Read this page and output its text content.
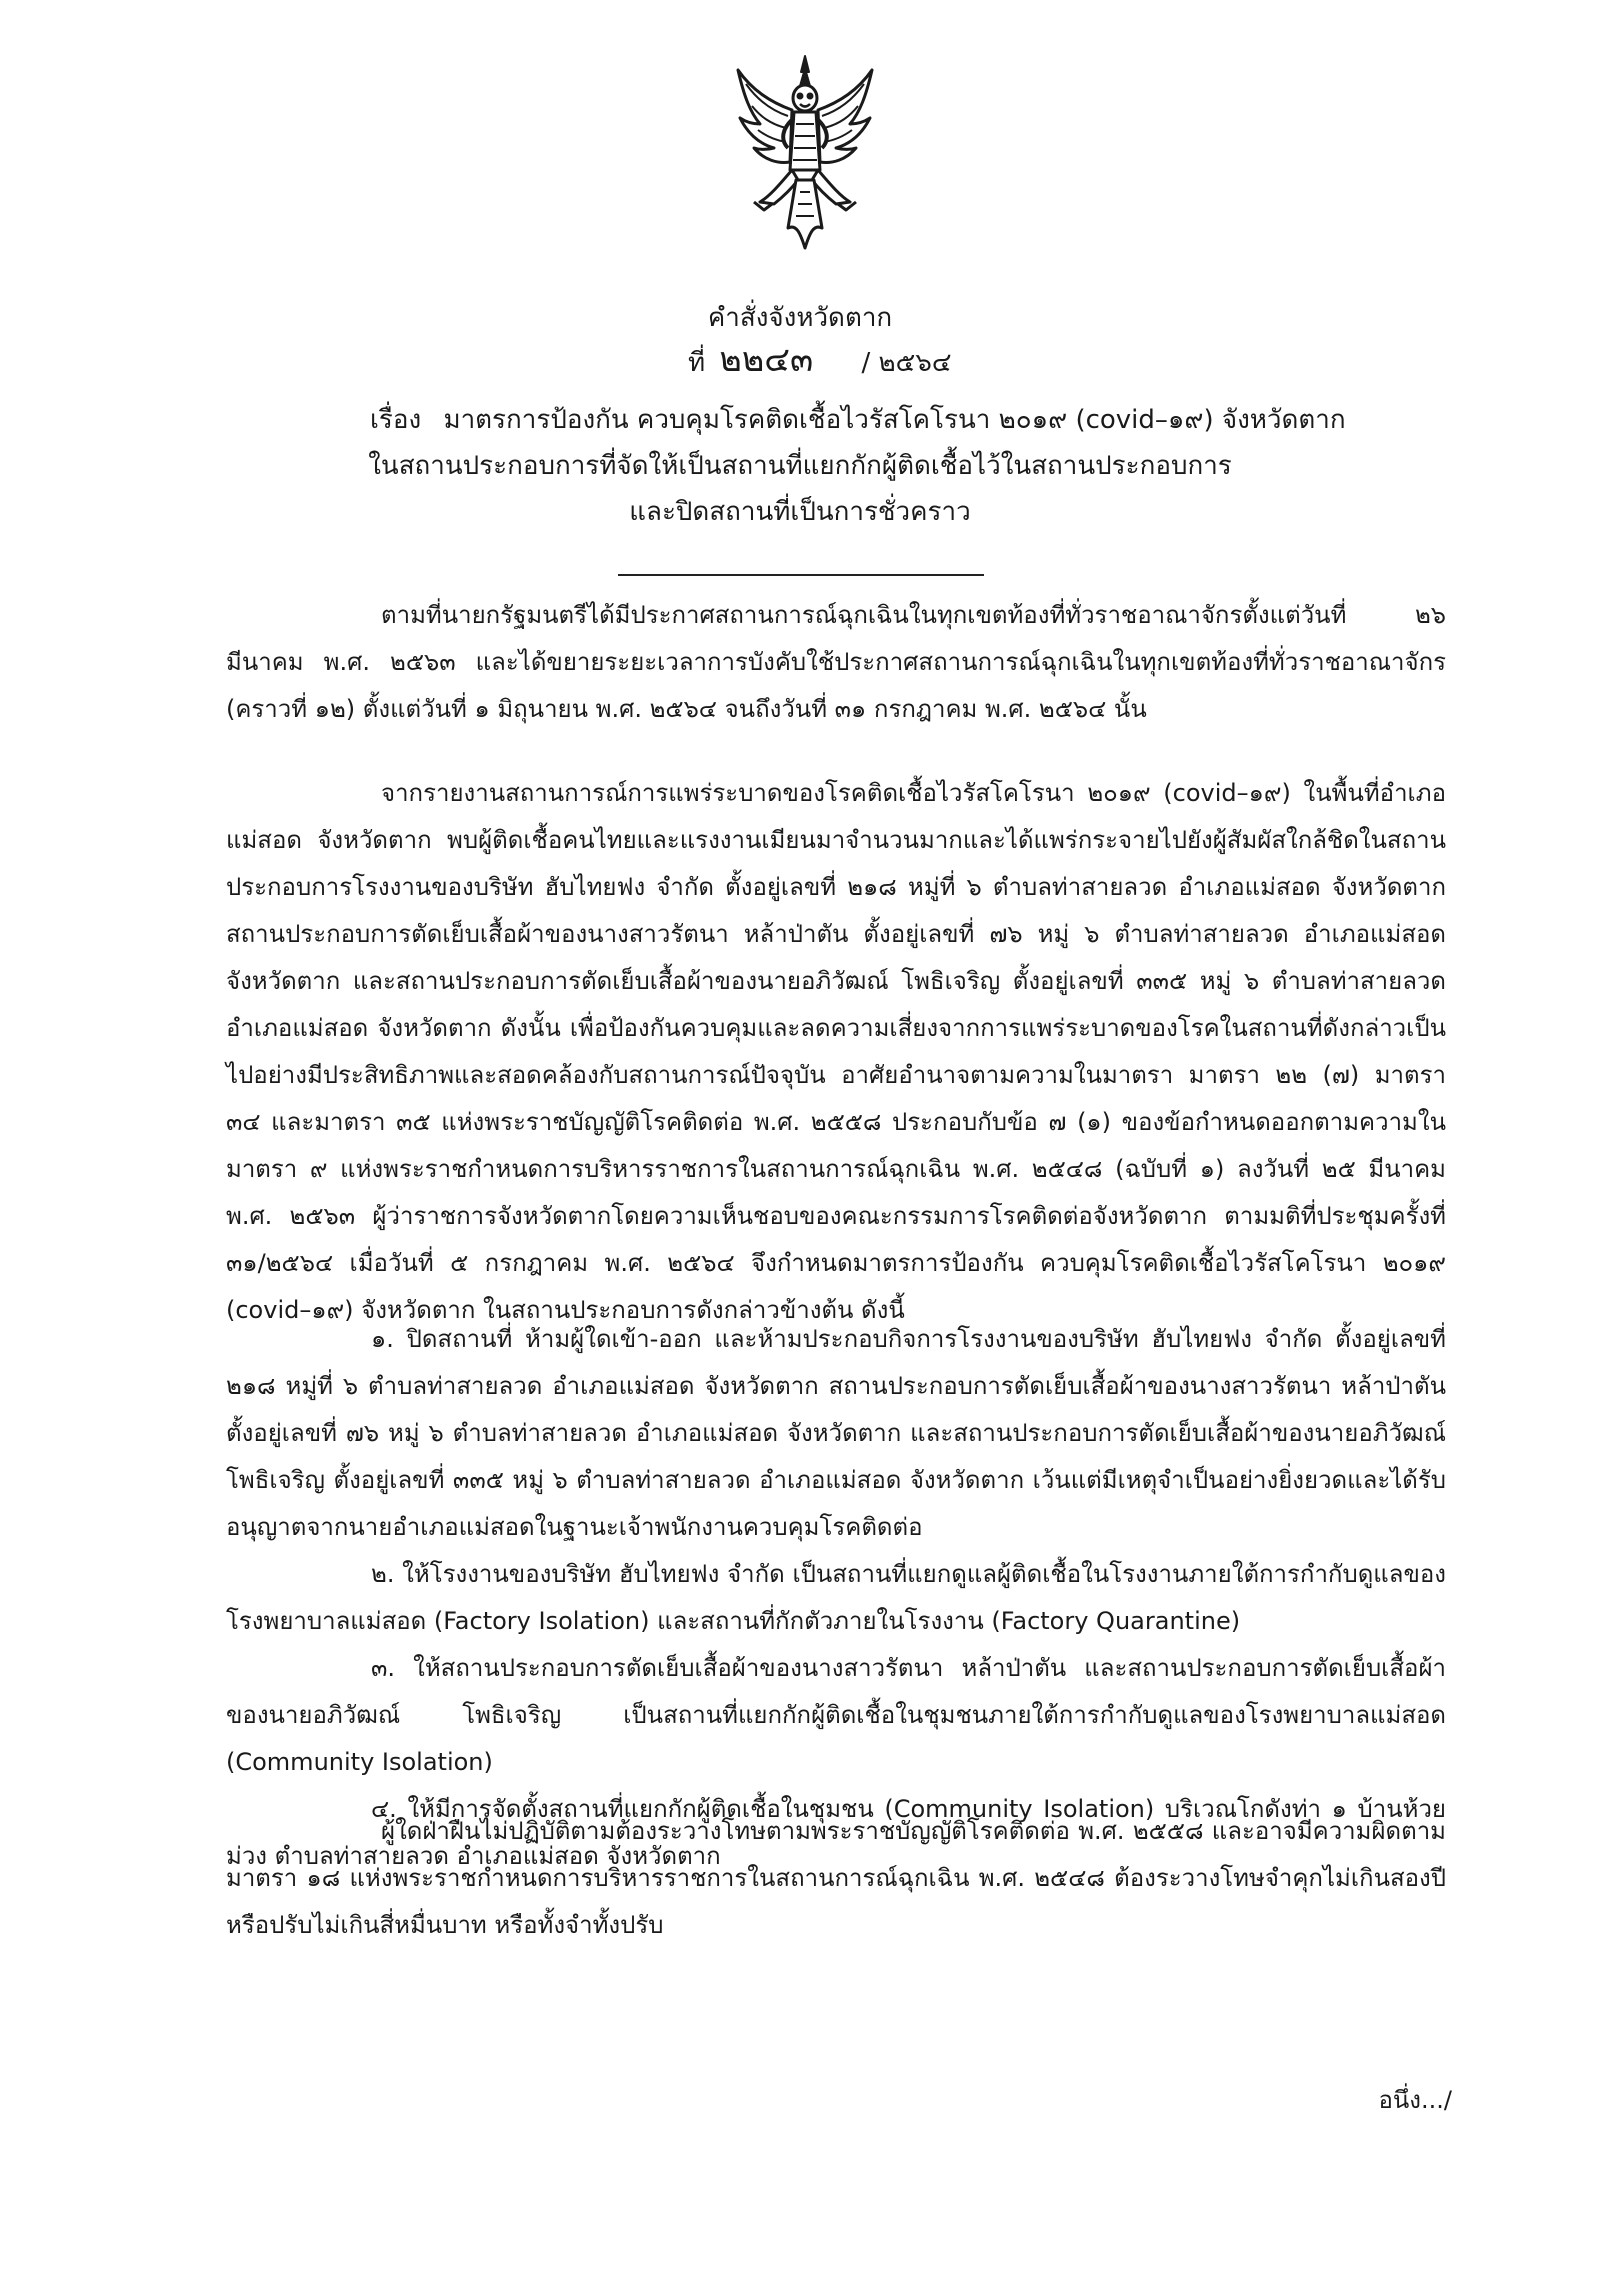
คำสั่งจังหวัดตาก
ที่ ๒๒๔๓ / ๒๕๖๔
เรื่อง มาตรการป้องกัน ควบคุมโรคติดเชื้อไวรัสโคโรนา ๒๐๑๙ (covid–๑๙) จังหวัดตาก
ในสถานประกอบการที่จัดให้เป็นสถานที่แยกกักผู้ติดเชื้อไว้ในสถานประกอบการ
และปิดสถานที่เป็นการชั่วคราว

ตามที่นายกรัฐมนตรีได้มีประกาศสถานการณ์ฉุกเฉินในทุกเขตท้องที่ทั่วราชอาณาจักรตั้งแต่วันที่ ๒๖ มีนาคม พ.ศ. ๒๕๖๓ และได้ขยายระยะเวลาการบังคับใช้ประกาศสถานการณ์ฉุกเฉินในทุกเขตท้องที่ทั่วราชอาณาจักร (คราวที่ ๑๒) ตั้งแต่วันที่ ๑ มิถุนายน พ.ศ. ๒๕๖๔ จนถึงวันที่ ๓๑ กรกฎาคม พ.ศ. ๒๕๖๔ นั้น

จากรายงานสถานการณ์การแพร่ระบาดของโรคติดเชื้อไวรัสโคโรนา ๒๐๑๙ (covid–๑๙) ในพื้นที่อำเภอแม่สอด จังหวัดตาก พบผู้ติดเชื้อคนไทยและแรงงานเมียนมาจำนวนมากและได้แพร่กระจายไปยังผู้สัมผัสใกล้ชิดในสถานประกอบการโรงงานของบริษัท ฮับไทยฟง จำกัด ตั้งอยู่เลขที่ ๒๑๘ หมู่ที่ ๖ ตำบลท่าสายลวด อำเภอแม่สอด จังหวัดตาก สถานประกอบการตัดเย็บเสื้อผ้าของนางสาวรัตนา หล้าป่าตัน ตั้งอยู่เลขที่ ๗๖ หมู่ ๖ ตำบลท่าสายลวด อำเภอแม่สอด จังหวัดตาก และสถานประกอบการตัดเย็บเสื้อผ้าของนายอภิวัฒณ์ โพธิเจริญ ตั้งอยู่เลขที่ ๓๓๕ หมู่ ๖ ตำบลท่าสายลวด อำเภอแม่สอด จังหวัดตาก ดังนั้น เพื่อป้องกันควบคุมและลดความเสี่ยงจากการแพร่ระบาดของโรคในสถานที่ดังกล่าวเป็นไปอย่างมีประสิทธิภาพและสอดคล้องกับสถานการณ์ปัจจุบัน อาศัยอำนาจตามความในมาตรา มาตรา ๒๒ (๗) มาตรา ๓๔ และมาตรา ๓๕ แห่งพระราชบัญญัติโรคติดต่อ พ.ศ. ๒๕๕๘ ประกอบกับข้อ ๗ (๑) ของข้อกำหนดออกตามความในมาตรา ๙ แห่งพระราชกำหนดการบริหารราชการในสถานการณ์ฉุกเฉิน พ.ศ. ๒๕๔๘ (ฉบับที่ ๑) ลงวันที่ ๒๕ มีนาคม พ.ศ. ๒๕๖๓ ผู้ว่าราชการจังหวัดตากโดยความเห็นชอบของคณะกรรมการโรคติดต่อจังหวัดตาก ตามมติที่ประชุมครั้งที่ ๓๑/๒๕๖๔ เมื่อวันที่ ๕ กรกฎาคม พ.ศ. ๒๕๖๔ จึงกำหนดมาตรการป้องกัน ควบคุมโรคติดเชื้อไวรัสโคโรนา ๒๐๑๙ (covid–๑๙) จังหวัดตาก ในสถานประกอบการดังกล่าวข้างต้น ดังนี้

๑. ปิดสถานที่ ห้ามผู้ใดเข้า-ออก และห้ามประกอบกิจการโรงงานของบริษัท ฮับไทยฟง จำกัด ตั้งอยู่เลขที่ ๒๑๘ หมู่ที่ ๖ ตำบลท่าสายลวด อำเภอแม่สอด จังหวัดตาก สถานประกอบการตัดเย็บเสื้อผ้าของนางสาวรัตนา หล้าป่าตัน ตั้งอยู่เลขที่ ๗๖ หมู่ ๖ ตำบลท่าสายลวด อำเภอแม่สอด จังหวัดตาก และสถานประกอบการตัดเย็บเสื้อผ้าของนายอภิวัฒณ์ โพธิเจริญ ตั้งอยู่เลขที่ ๓๓๕ หมู่ ๖ ตำบลท่าสายลวด อำเภอแม่สอด จังหวัดตาก เว้นแต่มีเหตุจำเป็นอย่างยิ่งยวดและได้รับอนุญาตจากนายอำเภอแม่สอดในฐานะเจ้าพนักงานควบคุมโรคติดต่อ

๒. ให้โรงงานของบริษัท ฮับไทยฟง จำกัด เป็นสถานที่แยกดูแลผู้ติดเชื้อในโรงงานภายใต้การกำกับดูแลของโรงพยาบาลแม่สอด (Factory Isolation) และสถานที่กักตัวภายในโรงงาน (Factory Quarantine)

๓. ให้สถานประกอบการตัดเย็บเสื้อผ้าของนางสาวรัตนา หล้าป่าตัน และสถานประกอบการตัดเย็บเสื้อผ้าของนายอภิวัฒณ์ โพธิเจริญ เป็นสถานที่แยกกักผู้ติดเชื้อในชุมชนภายใต้การกำกับดูแลของโรงพยาบาลแม่สอด (Community Isolation)

๔. ให้มีการจัดตั้งสถานที่แยกกักผู้ติดเชื้อในชุมชน (Community Isolation) บริเวณโกดังท่า ๑ บ้านห้วยม่วง ตำบลท่าสายลวด อำเภอแม่สอด จังหวัดตาก

ผู้ใดฝ่าฝืนไม่ปฏิบัติตามต้องระวางโทษตามพระราชบัญญัติโรคติดต่อ พ.ศ. ๒๕๕๘ และอาจมีความผิดตามมาตรา ๑๘ แห่งพระราชกำหนดการบริหารราชการในสถานการณ์ฉุกเฉิน พ.ศ. ๒๕๔๘ ต้องระวางโทษจำคุกไม่เกินสองปี หรือปรับไม่เกินสี่หมื่นบาท หรือทั้งจำทั้งปรับ

อนึ่ง.../
